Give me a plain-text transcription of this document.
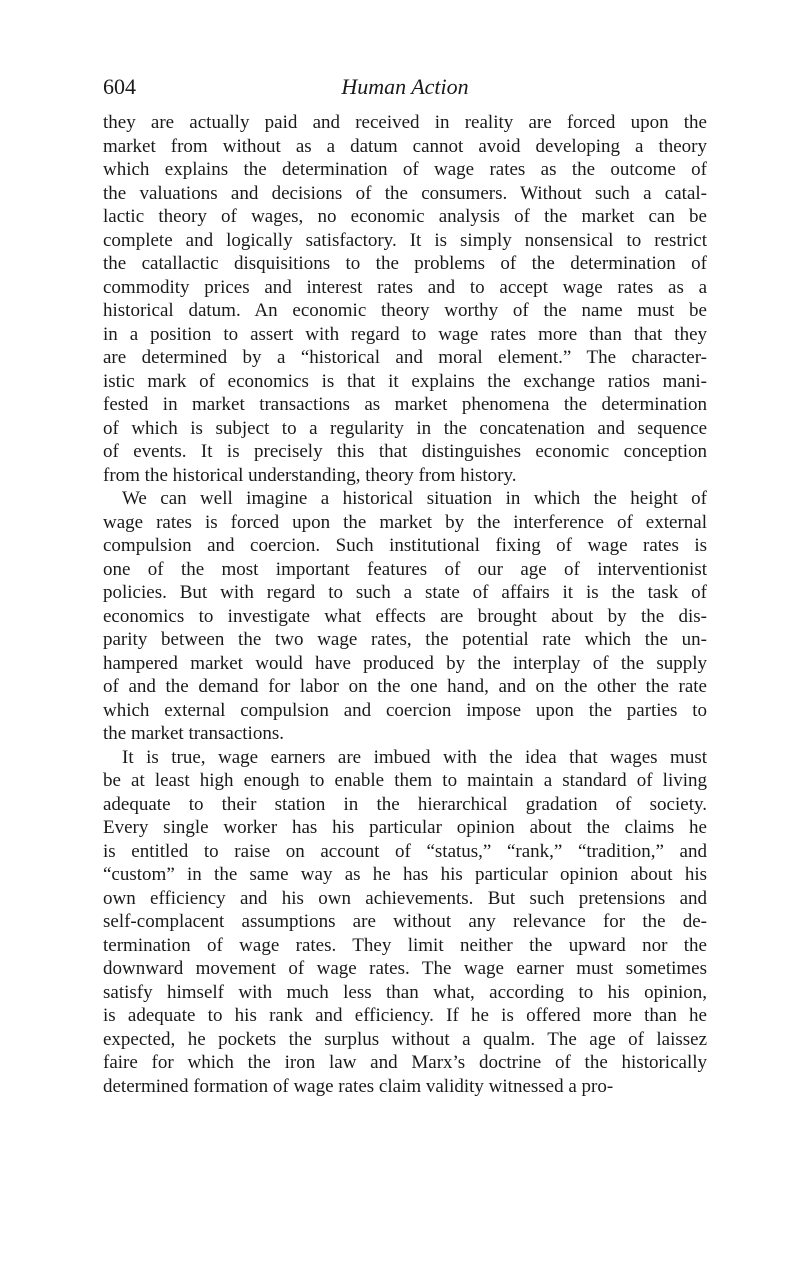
604	Human Action
they are actually paid and received in reality are forced upon the
market from without as a datum cannot avoid developing a theory
which explains the determination of wage rates as the outcome of
the valuations and decisions of the consumers. Without such a catal-
lactic theory of wages, no economic analysis of the market can be
complete and logically satisfactory. It is simply nonsensical to restrict
the catallactic disquisitions to the problems of the determination of
commodity prices and interest rates and to accept wage rates as a
historical datum. An economic theory worthy of the name must be
in a position to assert with regard to wage rates more than that they
are determined by a “historical and moral element.” The character-
istic mark of economics is that it explains the exchange ratios mani-
fested in market transactions as market phenomena the determination
of which is subject to a regularity in the concatenation and sequence
of events. It is precisely this that distinguishes economic conception
from the historical understanding, theory from history.
We can well imagine a historical situation in which the height of
wage rates is forced upon the market by the interference of external
compulsion and coercion. Such institutional fixing of wage rates is
one of the most important features of our age of interventionist
policies. But with regard to such a state of affairs it is the task of
economics to investigate what effects are brought about by the dis-
parity between the two wage rates, the potential rate which the un-
hampered market would have produced by the interplay of the supply
of and the demand for labor on the one hand, and on the other the rate
which external compulsion and coercion impose upon the parties to
the market transactions.
It is true, wage earners are imbued with the idea that wages must
be at least high enough to enable them to maintain a standard of living
adequate to their station in the hierarchical gradation of society.
Every single worker has his particular opinion about the claims he
is entitled to raise on account of “status,” “rank,” “tradition,” and
“custom” in the same way as he has his particular opinion about his
own efficiency and his own achievements. But such pretensions and
self-complacent assumptions are without any relevance for the de-
termination of wage rates. They limit neither the upward nor the
downward movement of wage rates. The wage earner must sometimes
satisfy himself with much less than what, according to his opinion,
is adequate to his rank and efficiency. If he is offered more than he
expected, he pockets the surplus without a qualm. The age of laissez
faire for which the iron law and Marx’s doctrine of the historically
determined formation of wage rates claim validity witnessed a pro-
